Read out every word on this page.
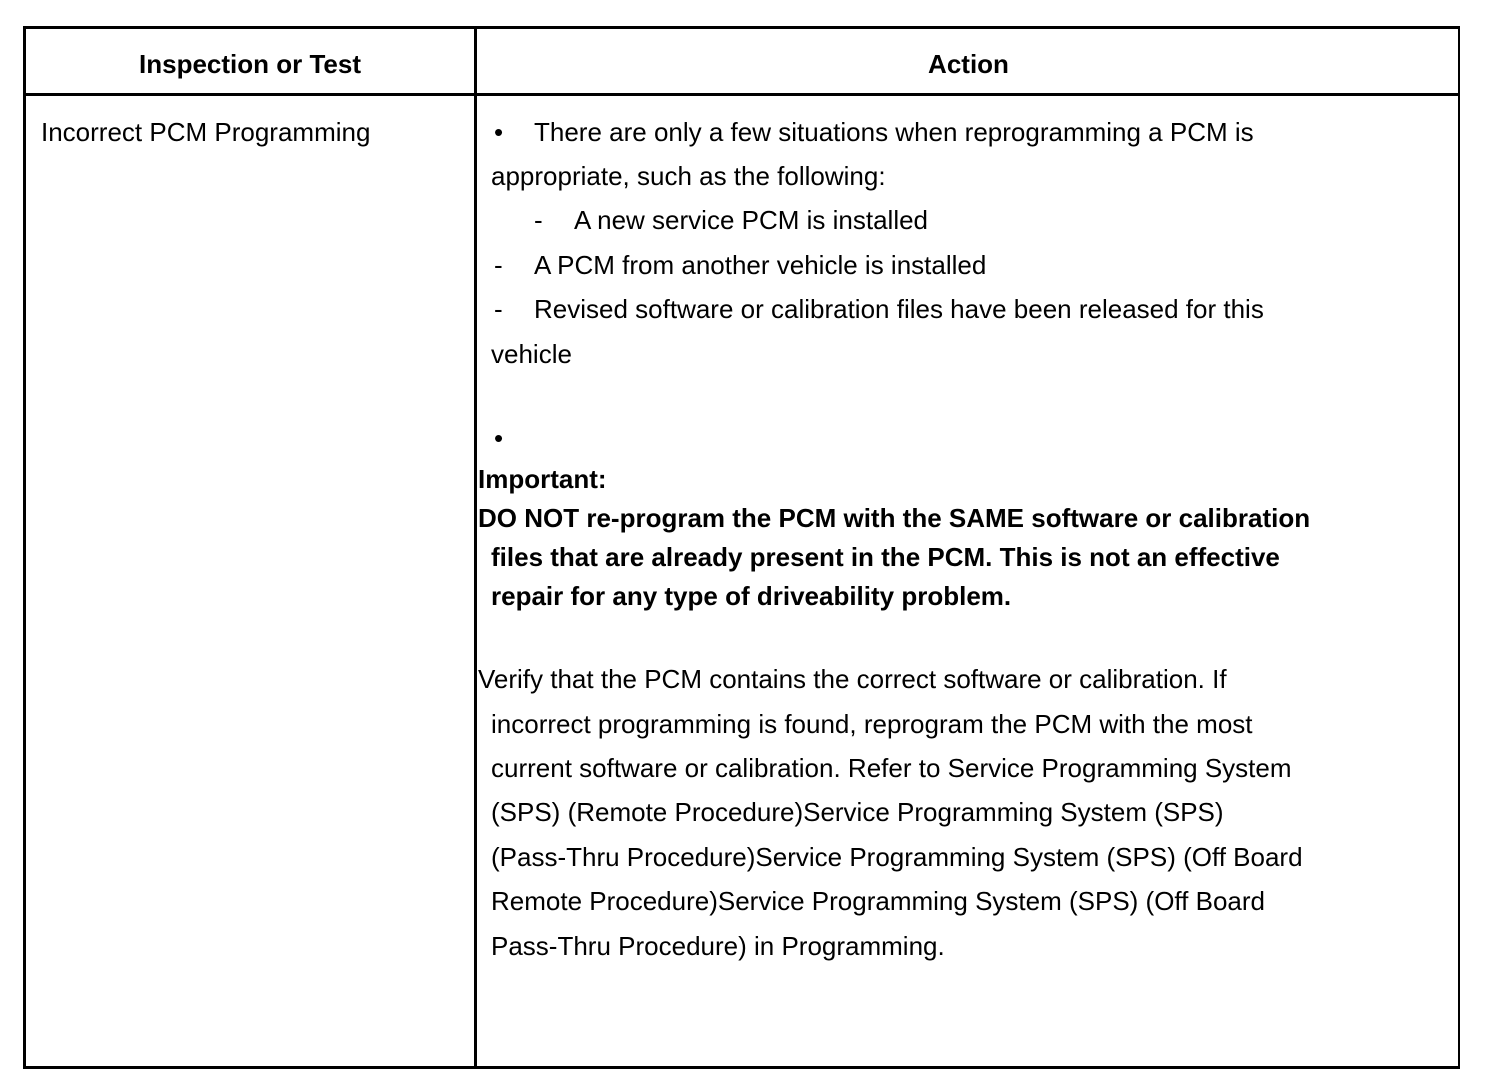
Inspection or Test	Action
Incorrect PCM Programming	• There are only a few situations when reprogramming a PCM is
appropriate, such as the following:
- A new service PCM is installed
- A PCM from another vehicle is installed
- Revised software or calibration files have been released for this
vehicle
•
Important:
DO NOT re-program the PCM with the SAME software or calibration
files that are already present in the PCM. This is not an effective
repair for any type of driveability problem.
Verify that the PCM contains the correct software or calibration. If
incorrect programming is found, reprogram the PCM with the most
current software or calibration. Refer to Service Programming System
(SPS) (Remote Procedure)Service Programming System (SPS)
(Pass-Thru Procedure)Service Programming System (SPS) (Off Board
Remote Procedure)Service Programming System (SPS) (Off Board
Pass-Thru Procedure) in Programming.
